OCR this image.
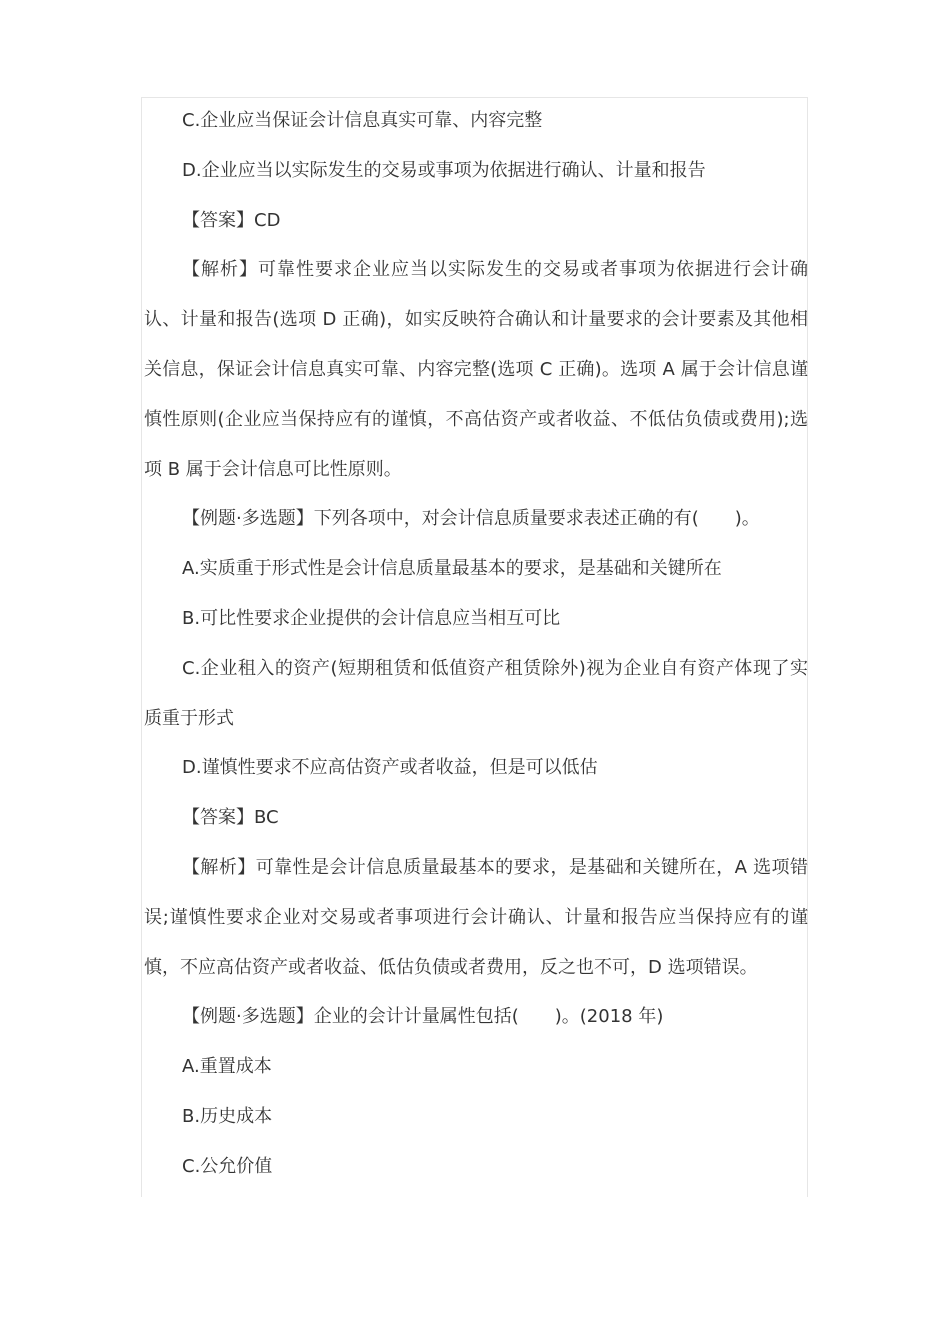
C.企业应当保证会计信息真实可靠、内容完整

D.企业应当以实际发生的交易或事项为依据进行确认、计量和报告

【答案】CD

【解析】可靠性要求企业应当以实际发生的交易或者事项为依据进行会计确认、计量和报告(选项 D 正确)，如实反映符合确认和计量要求的会计要素及其他相关信息，保证会计信息真实可靠、内容完整(选项 C 正确)。选项 A 属于会计信息谨慎性原则(企业应当保持应有的谨慎，不高估资产或者收益、不低估负债或费用);选项 B 属于会计信息可比性原则。

【例题·多选题】下列各项中，对会计信息质量要求表述正确的有(　　)。

A.实质重于形式性是会计信息质量最基本的要求，是基础和关键所在

B.可比性要求企业提供的会计信息应当相互可比

C.企业租入的资产(短期租赁和低值资产租赁除外)视为企业自有资产体现了实质重于形式

D.谨慎性要求不应高估资产或者收益，但是可以低估

【答案】BC

【解析】可靠性是会计信息质量最基本的要求，是基础和关键所在，A 选项错误;谨慎性要求企业对交易或者事项进行会计确认、计量和报告应当保持应有的谨慎，不应高估资产或者收益、低估负债或者费用，反之也不可，D 选项错误。

【例题·多选题】企业的会计计量属性包括(　　)。(2018 年)

A.重置成本

B.历史成本

C.公允价值
